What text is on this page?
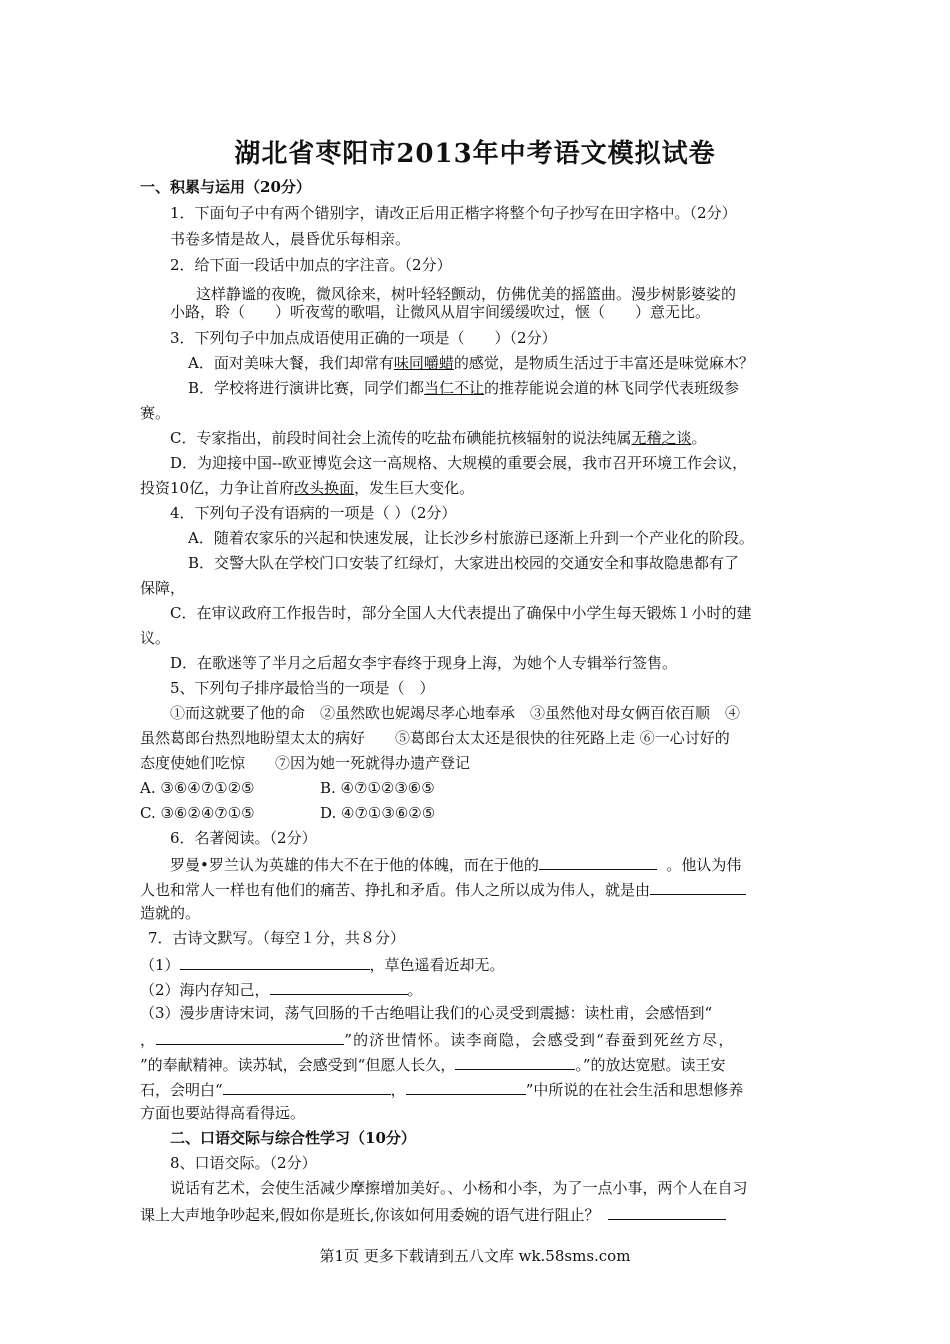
湖北省枣阳市2013年中考语文模拟试卷
一、积累与运用（20分）
1．下面句子中有两个错别字，请改正后用正楷字将整个句子抄写在田字格中。（2分）
书卷多情是故人，晨昏优乐每相亲。
2．给下面一段话中加点的字注音。（2分）
这样静谧的夜晚，微风徐来，树叶轻轻颤动，仿佛优美的摇篮曲。漫步树影婆娑的
小路，聆（　　）听夜莺的歌唱，让微风从眉宇间缓缓吹过，惬（　　）意无比。
3．下列句子中加点成语使用正确的一项是（　　）（2分）
A．面对美味大餐，我们却常有味同嚼蜡的感觉，是物质生活过于丰富还是味觉麻木？
B．学校将进行演讲比赛，同学们都当仁不让的推荐能说会道的林飞同学代表班级参
赛。
C．专家指出，前段时间社会上流传的吃盐布碘能抗核辐射的说法纯属无稽之谈。
D．为迎接中国--欧亚博览会这一高规格、大规模的重要会展，我市召开环境工作会议，
投资10亿，力争让首府改头换面，发生巨大变化。
4．下列句子没有语病的一项是（ ）（2分）
A．随着农家乐的兴起和快速发展，让长沙乡村旅游已逐渐上升到一个产业化的阶段。
B．交警大队在学校门口安装了红绿灯，大家进出校园的交通安全和事故隐患都有了
保障，
C．在审议政府工作报告时，部分全国人大代表提出了确保中小学生每天锻炼１小时的建
议。
D．在歌迷等了半月之后超女李宇春终于现身上海，为她个人专辑举行签售。
5、下列句子排序最恰当的一项是（　）
①而这就要了他的命　②虽然欧也妮竭尽孝心地奉承　③虽然他对母女俩百依百顺　④
虽然葛郎台热烈地盼望太太的病好　　⑤葛郎台太太还是很快的往死路上走 ⑥一心讨好的
态度使她们吃惊　　⑦因为她一死就得办遗产登记
A. ③⑥④⑦①②⑤	B. ④⑦①②③⑥⑤
C. ③⑥②④⑦①⑤	D. ④⑦①③⑥②⑤
6．名著阅读。（2分）
罗曼•罗兰认为英雄的伟大不在于他的体魄，而在于他的	。他认为伟
人也和常人一样也有他们的痛苦、挣扎和矛盾。伟人之所以成为伟人，就是由
造就的。
7．古诗文默写。（每空１分，共８分）
（1）	，草色遥看近却无。
（2）海内存知己，	。
（3）漫步唐诗宋词，荡气回肠的千古绝唱让我们的心灵受到震撼：读杜甫，会感悟到“
，	”的济世情怀。读李商隐，会感受到“春蚕到死丝方尽，
”的奉献精神。读苏轼，会感受到“但愿人长久，	。”的放达宽慰。读王安
石，会明白“	，	”中所说的在社会生活和思想修养
方面也要站得高看得远。
二、口语交际与综合性学习（10分）
8、口语交际。（2分）
说话有艺术，会使生活减少摩擦增加美好。、小杨和小李，为了一点小事，两个人在自习
课上大声地争吵起来,假如你是班长,你该如何用委婉的语气进行阻止？
第1页 更多下载请到五八文库 wk.58sms.com
